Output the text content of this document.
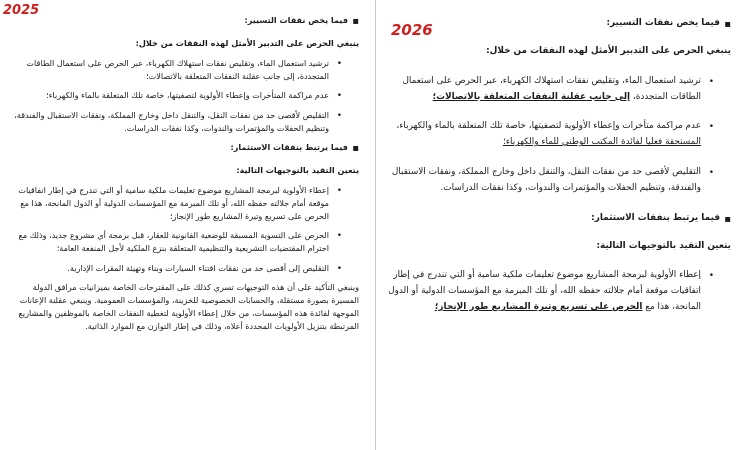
▪ فيما يخص نفقات التسيير:

ينبغي الحرص على التدبير الأمثل لهذه النفقات من خلال:

• ترشيد استعمال الماء، وتقليص نفقات استهلاك الكهرباء، عبر الحرص على استعمال الطاقات المتجددة، إلى جانب عقلنة النفقات المتعلقة بالاتصالات؛
• عدم مراكمة المتأخرات وإعطاء الأولوية لتصفيتها، خاصة تلك المتعلقة بالماء والكهرباء؛
• التقليص لأقصى حد من نفقات النقل، والتنقل داخل وخارج المملكة، ونفقات الاستقبال والفندقة، وتنظيم الحفلات والمؤتمرات والندوات، وكذا نفقات الدراسات.

▪ فيما يرتبط بنفقات الاستثمار:

يتعين التقيد بالتوجيهات التالية:

• إعطاء الأولوية لبرمجة المشاريع موضوع تعليمات ملكية سامية أو التي تندرج في إطار اتفاقيات موقعة أمام جلالته حفظه الله، أو تلك المبرمة مع المؤسسات الدولية أو الدول المانحة، هذا مع الحرص على تسريع وتيرة المشاريع طور الإنجاز؛
• الحرص على التسوية المسبقة للوضعية القانونية للعقار، قبل برمجة أي مشروع جديد، وذلك مع احترام المقتضيات التشريعية والتنظيمية المتعلقة بنزع الملكية لأجل المنفعة العامة؛
• التقليص إلى أقصى حد من نفقات اقتناء السيارات وبناء وتهيئة المقرات الإدارية.

وينبغي التأكيد على أن هذه التوجيهات تسري كذلك على المقترحات الخاصة بميزانيات مرافق الدولة المسيرة بصورة مستقلة، والحسابات الخصوصية للخزينة، والمؤسسات العمومية. وينبغي عقلنة الإعانات الموجهة لفائدة هذه المؤسسات، من خلال إعطاء الأولوية لتغطية النفقات الخاصة بالموظفين والمشاريع المرتبطة بتنزيل الأولويات المحددة أعلاه، وذلك في إطار التوازن مع الموارد الذاتية.

▪ فيما يخص نفقات التسيير:

ينبغي الحرص على التدبير الأمثل لهذه النفقات من خلال:

• ترشيد استعمال الماء، وتقليص نفقات استهلاك الكهرباء، عبر الحرص على استعمال الطاقات المتجددة، إلى جانب عقلنة النفقات المتعلقة بالاتصالات؛
• عدم مراكمة متأخرات وإعطاء الأولوية لتصفيتها، خاصة تلك المتعلقة بالماء والكهرباء، المستحقة فعليا لفائدة المكتب الوطني للماء والكهرباء؛
• التقليص لأقصى حد من نفقات النقل، والتنقل داخل وخارج المملكة، ونفقات الاستقبال والفندقة، وتنظيم الحفلات والمؤتمرات والندوات، وكذا نفقات الدراسات.

▪ فيما يرتبط بنفقات الاستثمار:

يتعين التقيد بالتوجيهات التالية:

• إعطاء الأولوية لبرمجة المشاريع موضوع تعليمات ملكية سامية أو التي تندرج في إطار اتفاقيات موقعة أمام جلالته حفظه الله، أو تلك المبرمة مع المؤسسات الدولية أو الدول المانحة، هذا مع الحرص على تسريع وتيرة المشاريع طور الإنجاز؛
2025
2026
